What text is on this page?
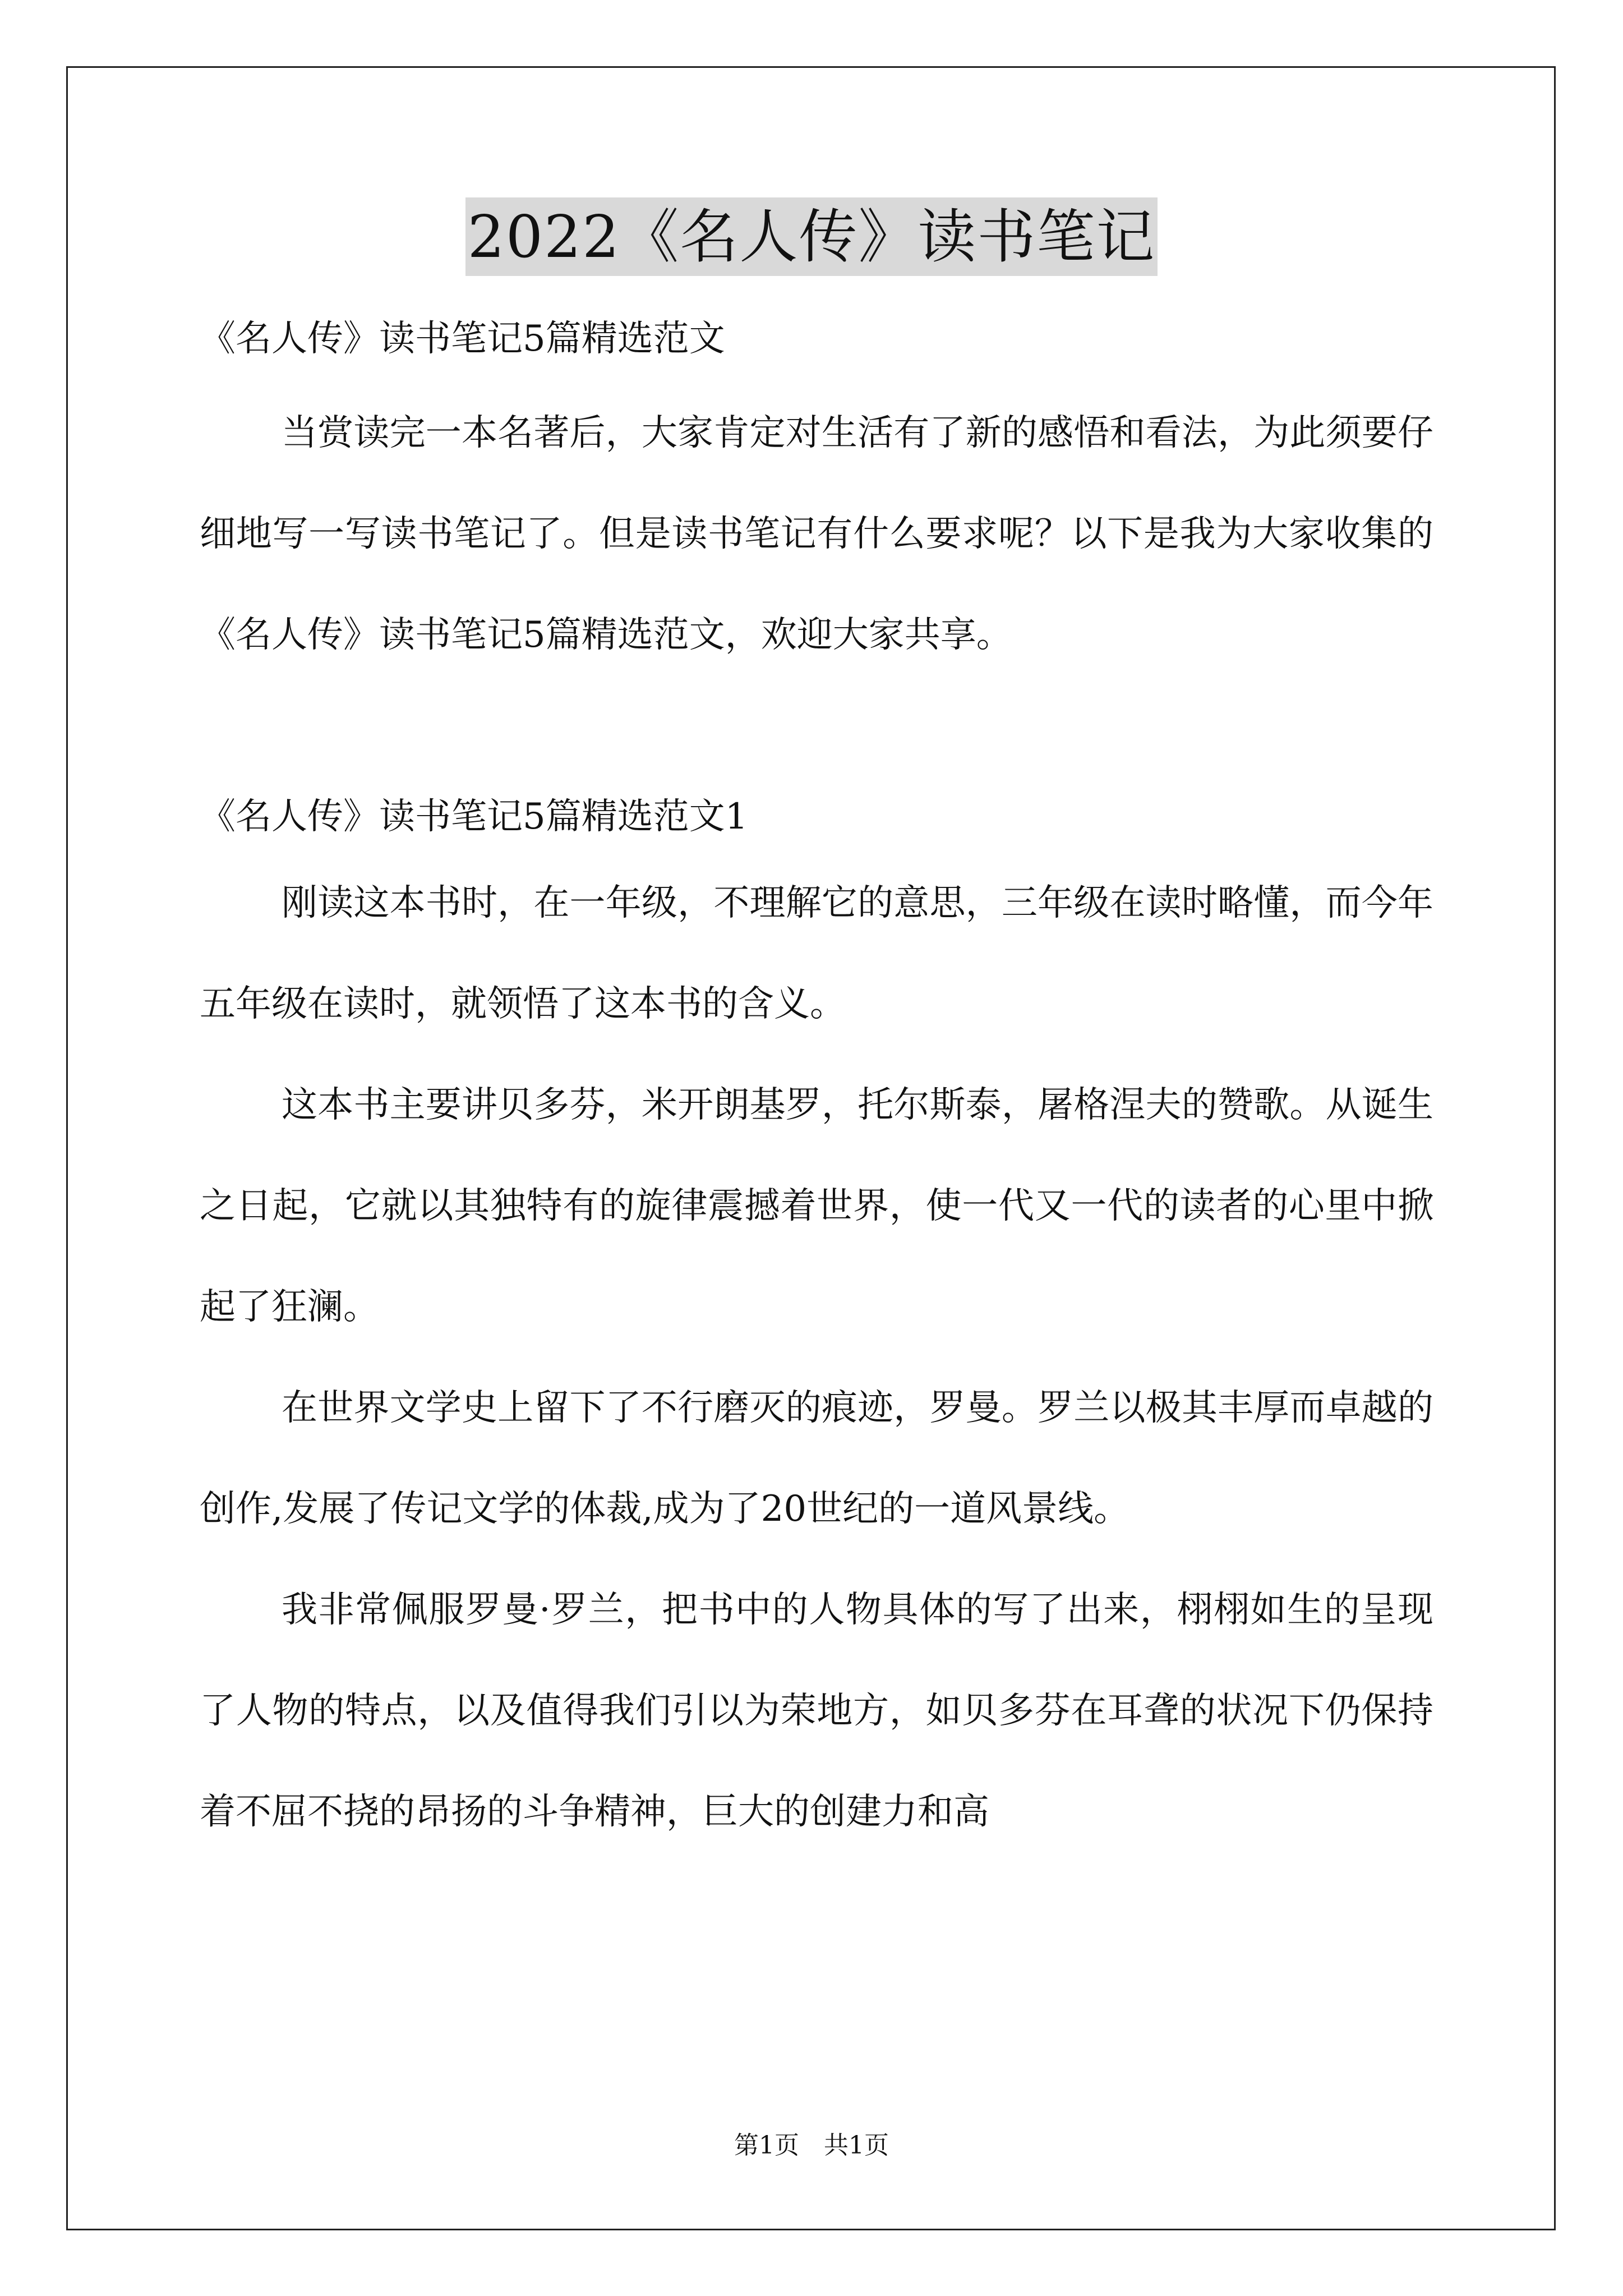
2022《名人传》读书笔记

《名人传》读书笔记5篇精选范文

当赏读完一本名著后，大家肯定对生活有了新的感悟和看法，为此须要仔细地写一写读书笔记了。但是读书笔记有什么要求呢？以下是我为大家收集的《名人传》读书笔记5篇精选范文，欢迎大家共享。

《名人传》读书笔记5篇精选范文1

刚读这本书时，在一年级，不理解它的意思，三年级在读时略懂，而今年五年级在读时，就领悟了这本书的含义。

这本书主要讲贝多芬，米开朗基罗，托尔斯泰，屠格涅夫的赞歌。从诞生之日起，它就以其独特有的旋律震撼着世界，使一代又一代的读者的心里中掀起了狂澜。

在世界文学史上留下了不行磨灭的痕迹，罗曼。罗兰以极其丰厚而卓越的创作,发展了传记文学的体裁,成为了20世纪的一道风景线。

我非常佩服罗曼·罗兰，把书中的人物具体的写了出来，栩栩如生的呈现了人物的特点，以及值得我们引以为荣地方，如贝多芬在耳聋的状况下仍保持着不屈不挠的昂扬的斗争精神，巨大的创建力和高

第1页　共1页
